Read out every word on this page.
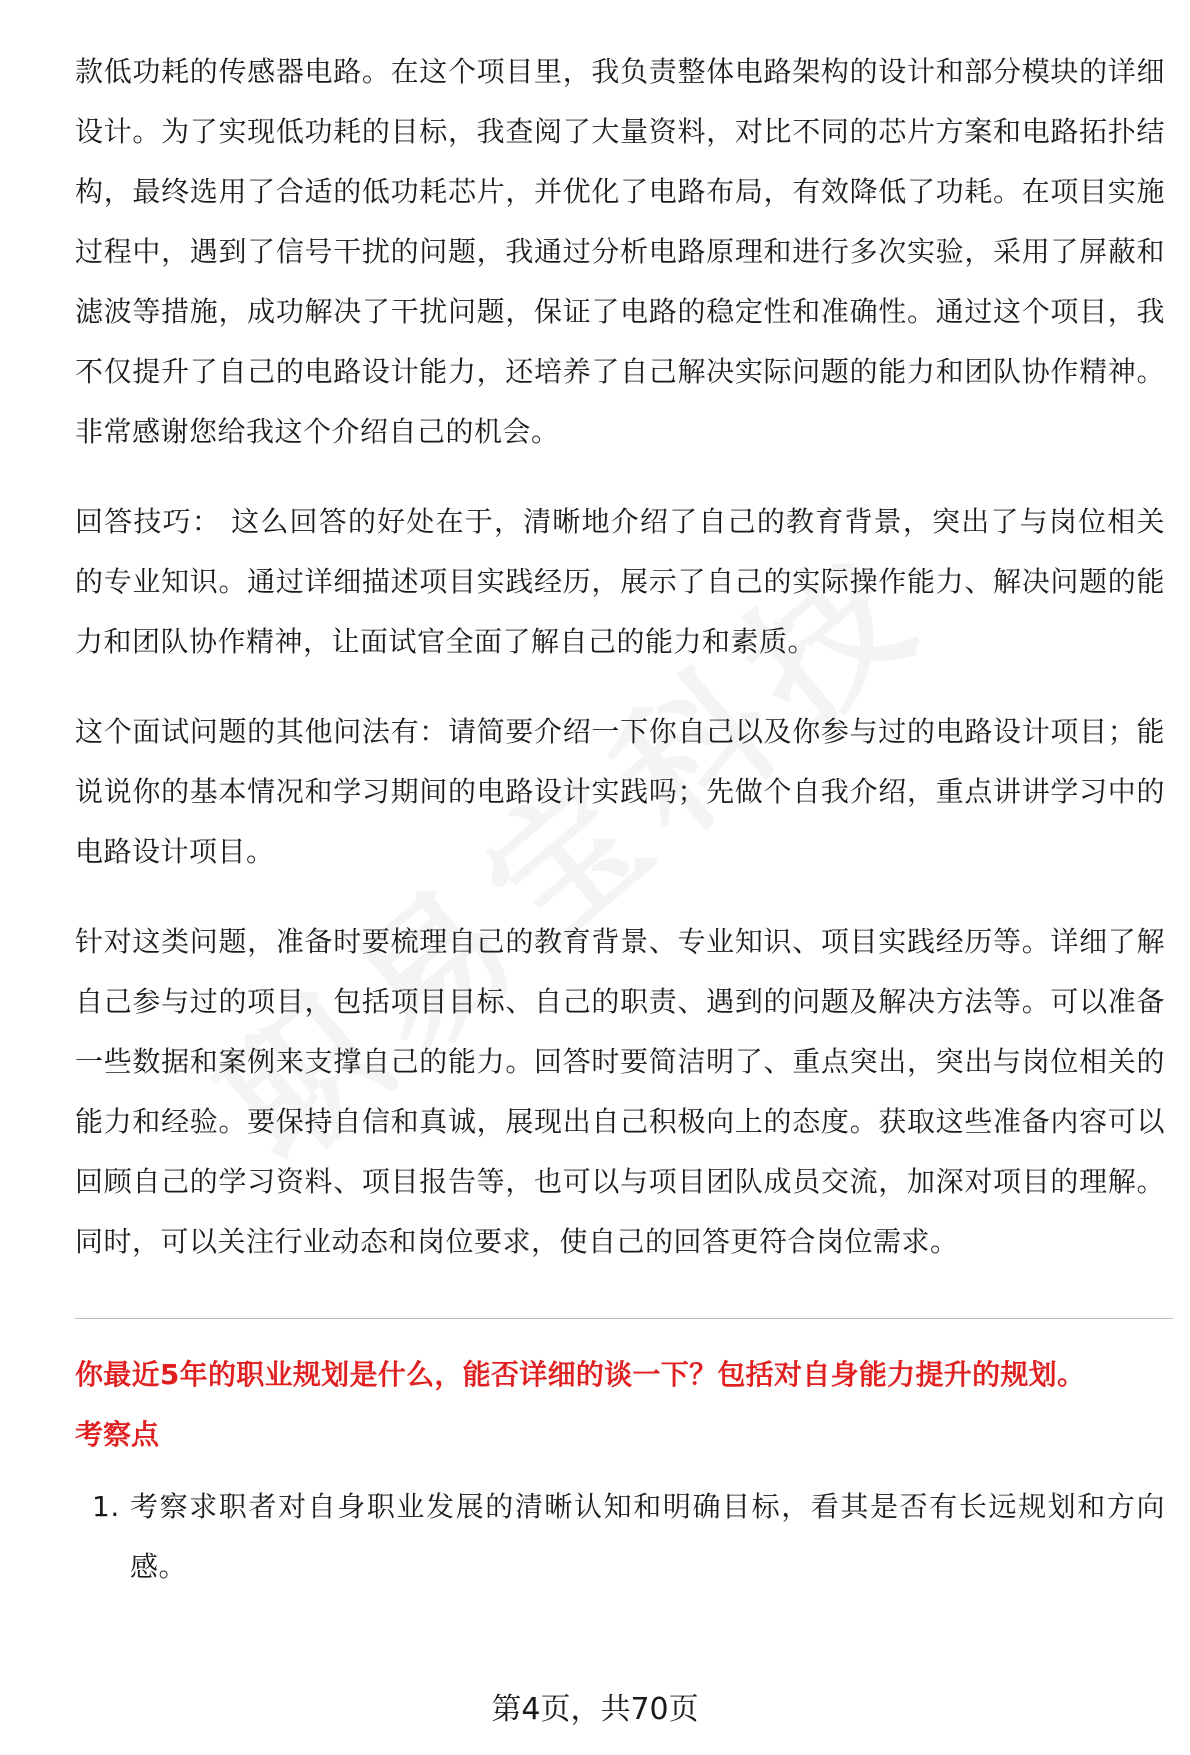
款低功耗的传感器电路。在这个项目里，我负责整体电路架构的设计和部分模块的详细设计。为了实现低功耗的目标，我查阅了大量资料，对比不同的芯片方案和电路拓扑结构，最终选用了合适的低功耗芯片，并优化了电路布局，有效降低了功耗。在项目实施过程中，遇到了信号干扰的问题，我通过分析电路原理和进行多次实验，采用了屏蔽和滤波等措施，成功解决了干扰问题，保证了电路的稳定性和准确性。通过这个项目，我不仅提升了自己的电路设计能力，还培养了自己解决实际问题的能力和团队协作精神。非常感谢您给我这个介绍自己的机会。

回答技巧： 这么回答的好处在于，清晰地介绍了自己的教育背景，突出了与岗位相关的专业知识。通过详细描述项目实践经历，展示了自己的实际操作能力、解决问题的能力和团队协作精神，让面试官全面了解自己的能力和素质。

这个面试问题的其他问法有：请简要介绍一下你自己以及你参与过的电路设计项目；能说说你的基本情况和学习期间的电路设计实践吗；先做个自我介绍，重点讲讲学习中的电路设计项目。

针对这类问题，准备时要梳理自己的教育背景、专业知识、项目实践经历等。详细了解自己参与过的项目，包括项目目标、自己的职责、遇到的问题及解决方法等。可以准备一些数据和案例来支撑自己的能力。回答时要简洁明了、重点突出，突出与岗位相关的能力和经验。要保持自信和真诚，展现出自己积极向上的态度。获取这些准备内容可以回顾自己的学习资料、项目报告等，也可以与项目团队成员交流，加深对项目的理解。同时，可以关注行业动态和岗位要求，使自己的回答更符合岗位需求。

你最近5年的职业规划是什么，能否详细的谈一下？包括对自身能力提升的规划。

考察点

1. 考察求职者对自身职业发展的清晰认知和明确目标，看其是否有长远规划和方向感。
第4页，共70页
